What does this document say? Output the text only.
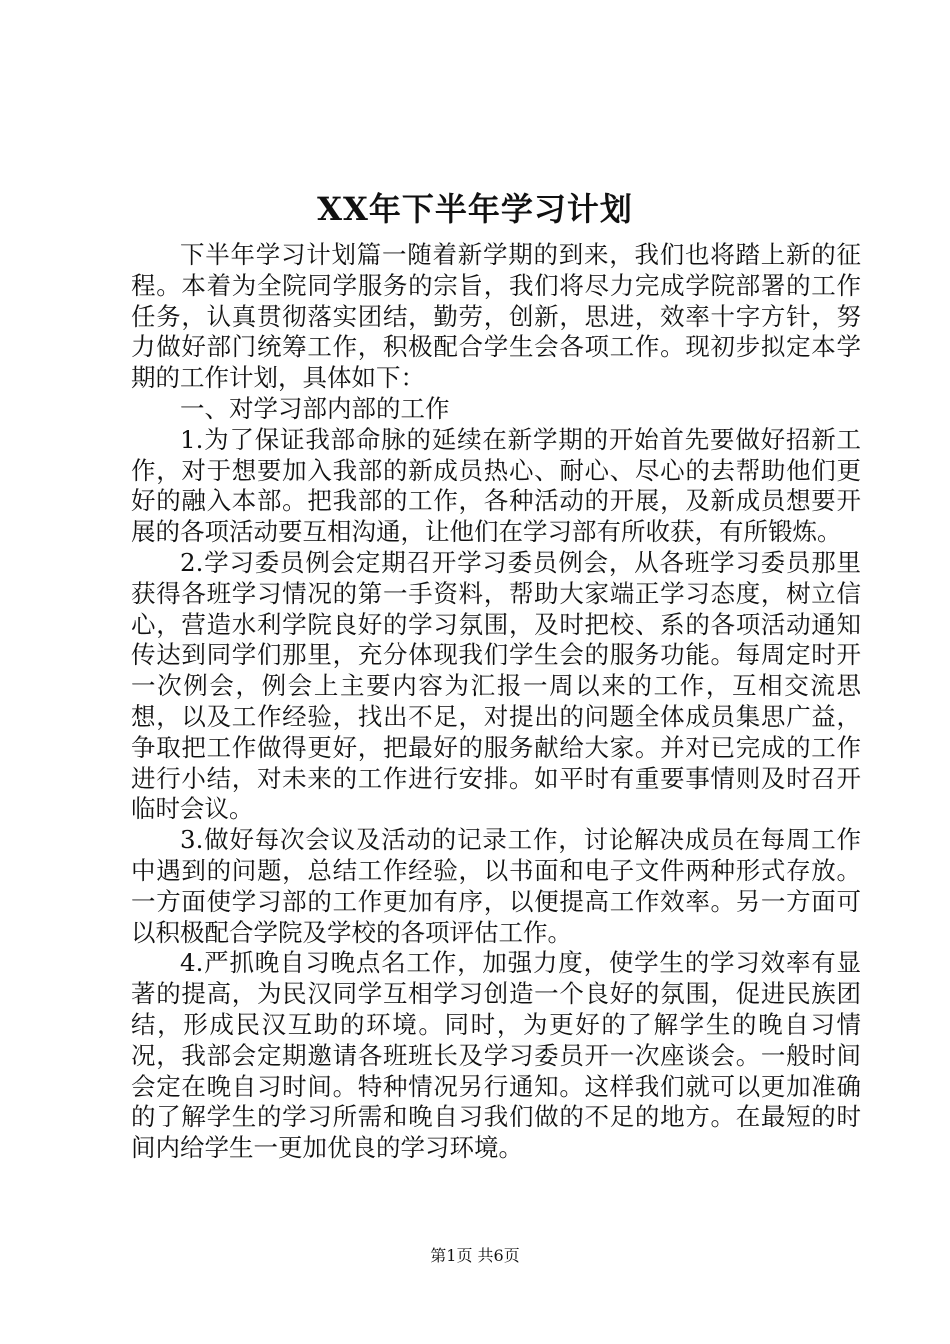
XX年下半年学习计划

下半年学习计划篇一随着新学期的到来，我们也将踏上新的征程。本着为全院同学服务的宗旨，我们将尽力完成学院部署的工作任务，认真贯彻落实团结，勤劳，创新，思进，效率十字方针，努力做好部门统筹工作，积极配合学生会各项工作。现初步拟定本学期的工作计划，具体如下：

一、对学习部内部的工作

1.为了保证我部命脉的延续在新学期的开始首先要做好招新工作，对于想要加入我部的新成员热心、耐心、尽心的去帮助他们更好的融入本部。把我部的工作，各种活动的开展，及新成员想要开展的各项活动要互相沟通，让他们在学习部有所收获，有所锻炼。

2.学习委员例会定期召开学习委员例会，从各班学习委员那里获得各班学习情况的第一手资料，帮助大家端正学习态度，树立信心，营造水利学院良好的学习氛围，及时把校、系的各项活动通知传达到同学们那里，充分体现我们学生会的服务功能。每周定时开一次例会，例会上主要内容为汇报一周以来的工作，互相交流思想，以及工作经验，找出不足，对提出的问题全体成员集思广益，争取把工作做得更好，把最好的服务献给大家。并对已完成的工作进行小结，对未来的工作进行安排。如平时有重要事情则及时召开临时会议。

3.做好每次会议及活动的记录工作，讨论解决成员在每周工作中遇到的问题，总结工作经验，以书面和电子文件两种形式存放。一方面使学习部的工作更加有序，以便提高工作效率。另一方面可以积极配合学院及学校的各项评估工作。

4.严抓晚自习晚点名工作，加强力度，使学生的学习效率有显著的提高，为民汉同学互相学习创造一个良好的氛围，促进民族团结，形成民汉互助的环境。同时，为更好的了解学生的晚自习情况，我部会定期邀请各班班长及学习委员开一次座谈会。一般时间会定在晚自习时间。特种情况另行通知。这样我们就可以更加准确的了解学生的学习所需和晚自习我们做的不足的地方。在最短的时间内给学生一更加优良的学习环境。

第1页 共6页
